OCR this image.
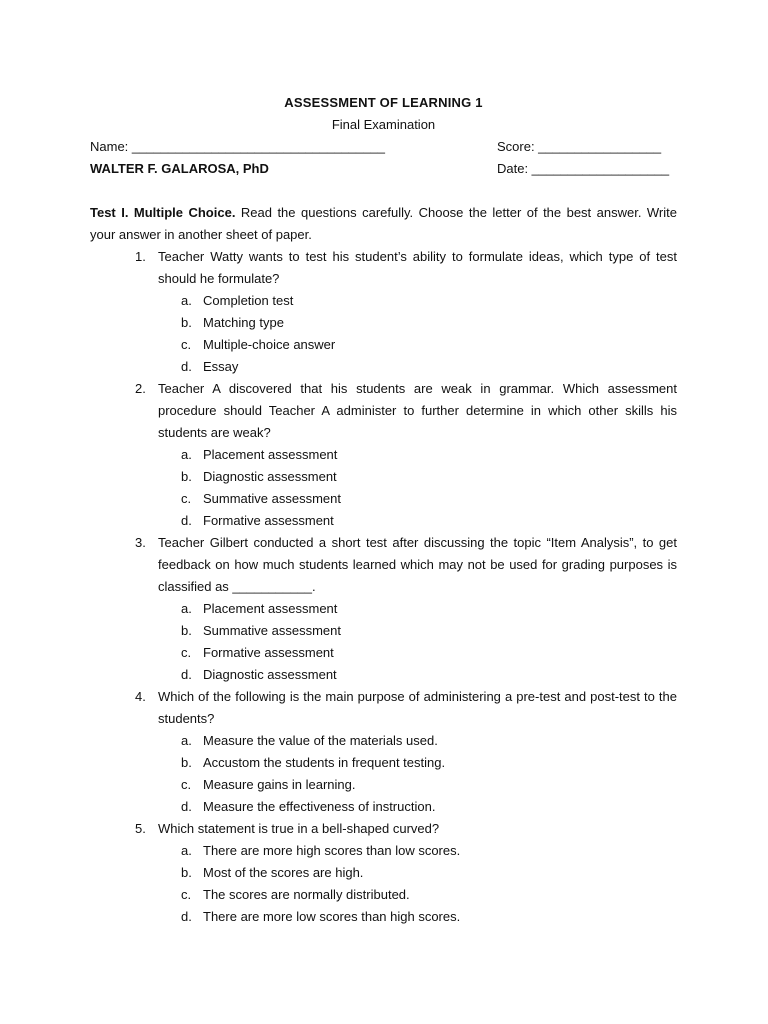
ASSESSMENT OF LEARNING 1
Final Examination
Name: ___________________________________	Score: _________________
WALTER F. GALAROSA, PhD	Date: ___________________
Test I. Multiple Choice. Read the questions carefully. Choose the letter of the best answer. Write your answer in another sheet of paper.
1. Teacher Watty wants to test his student’s ability to formulate ideas, which type of test should he formulate?
a. Completion test
b. Matching type
c. Multiple-choice answer
d. Essay
2. Teacher A discovered that his students are weak in grammar. Which assessment procedure should Teacher A administer to further determine in which other skills his students are weak?
a. Placement assessment
b. Diagnostic assessment
c. Summative assessment
d. Formative assessment
3. Teacher Gilbert conducted a short test after discussing the topic “Item Analysis”, to get feedback on how much students learned which may not be used for grading purposes is classified as ___________.
a. Placement assessment
b. Summative assessment
c. Formative assessment
d. Diagnostic assessment
4. Which of the following is the main purpose of administering a pre-test and post-test to the students?
a. Measure the value of the materials used.
b. Accustom the students in frequent testing.
c. Measure gains in learning.
d. Measure the effectiveness of instruction.
5. Which statement is true in a bell-shaped curved?
a. There are more high scores than low scores.
b. Most of the scores are high.
c. The scores are normally distributed.
d. There are more low scores than high scores.
